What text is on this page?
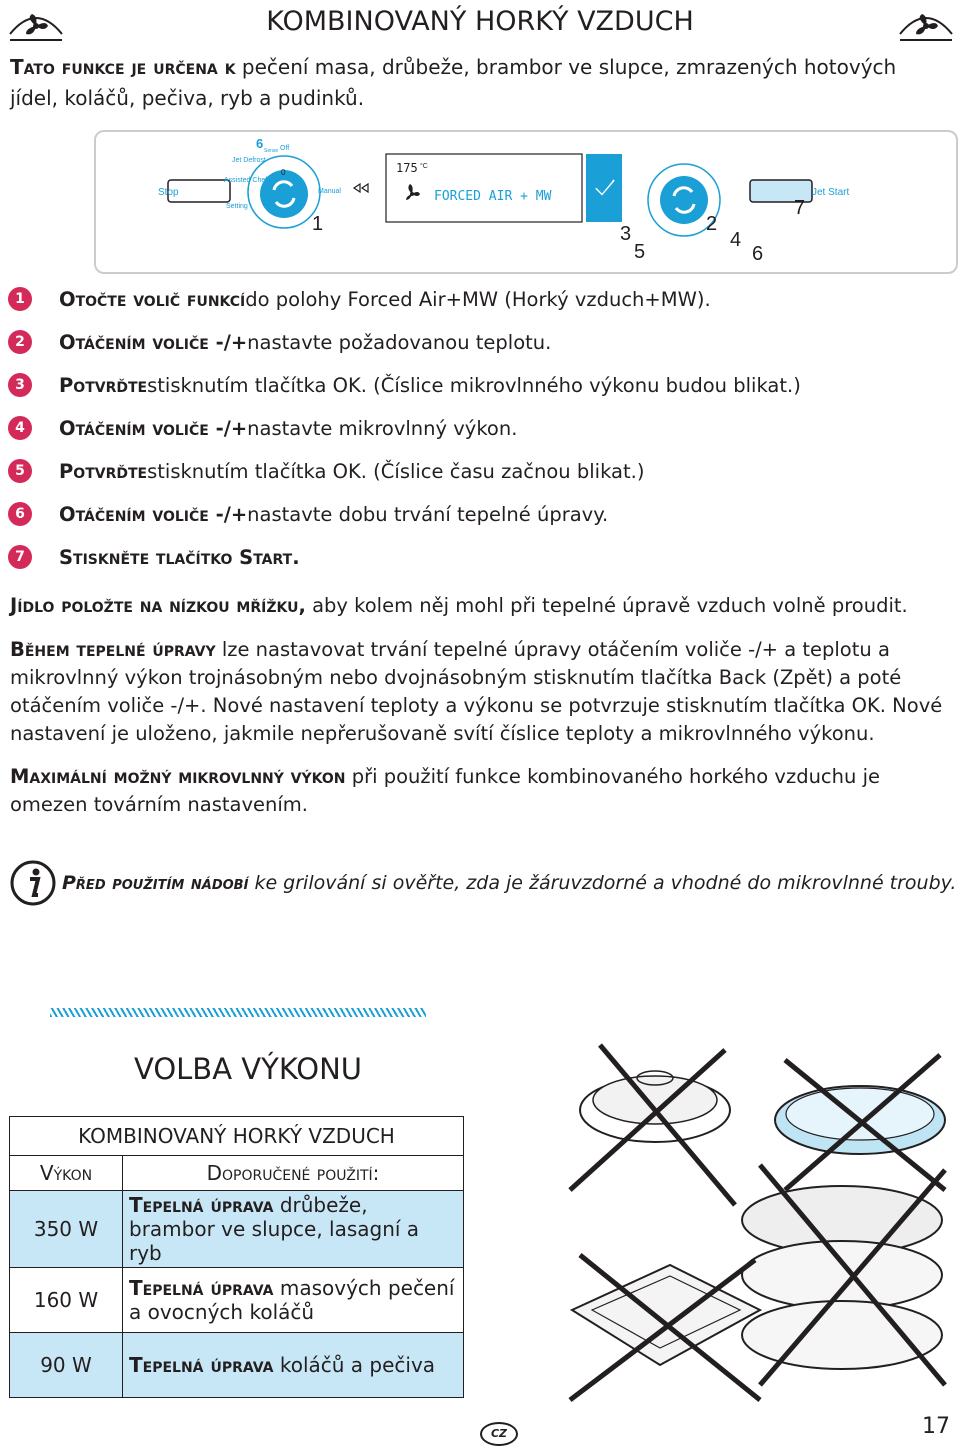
KOMBINOVANÝ HORKÝ VZDUCH
Tato funkce je určena k pečení masa, drůbeže, brambor ve slupce, zmrazených hotových jídel, koláčů, pečiva, ryb a pudinků.
Stop	Jet Start
Jet Defrost
Assisted Chef
Setting
Off
0
Manual
6 Sense
175 °C
FORCED AIR + MW
1	2
3	4
5	6
7
1	Otočte volič funkcí do polohy Forced Air+MW (Horký vzduch+MW).
2	Otáčením voliče -/+ nastavte požadovanou teplotu.
3	Potvrďte stisknutím tlačítka OK. (Číslice mikrovlnného výkonu budou blikat.)
4	Otáčením voliče -/+ nastavte mikrovlnný výkon.
5	Potvrďte stisknutím tlačítka OK. (Číslice času začnou blikat.)
6	Otáčením voliče -/+ nastavte dobu trvání tepelné úpravy.
7	Stiskněte tlačítko Start.
Jídlo položte na nízkou mřížku, aby kolem něj mohl při tepelné úpravě vzduch volně proudit.
Během tepelné úpravy lze nastavovat trvání tepelné úpravy otáčením voliče -/+ a teplotu a mikrovlnný výkon trojnásobným nebo dvojnásobným stisknutím tlačítka Back (Zpět) a poté otáčením voliče -/+. Nové nastavení teploty a výkonu se potvrzuje stisknutím tlačítka OK. Nové nastavení je uloženo, jakmile nepřerušovaně svítí číslice teploty a mikrovlnného výkonu.
Maximální možný mikrovlnný výkon při použití funkce kombinovaného horkého vzduchu je omezen továrním nastavením.
Před použitím nádobí ke grilování si ověřte, zda je žáruvzdorné a vhodné do mikrovlnné trouby.
VOLBA VÝKONU
KOMBINOVANÝ HORKÝ VZDUCH	
Výkon	Doporučené použití:
350 W	Tepelná úprava drůbeže, brambor ve slupce, lasagní a ryb
160 W	Tepelná úprava masových pečení a ovocných koláčů
90 W	Tepelná úprava koláčů a pečiva
CZ	17
